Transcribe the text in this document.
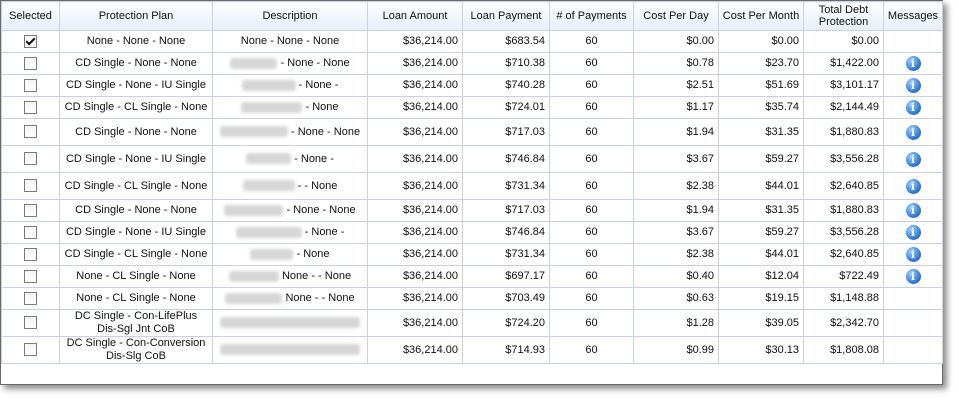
Selected	Protection Plan	Description	Loan Amount	Loan Payment	# of Payments	Cost Per Day	Cost Per Month	Total Debt Protection	Messages
	None - None - None	None - None - None	$36,214.00	$683.54	60	$0.00	$0.00	$0.00	
	CD Single - None - None	- None - None	$36,214.00	$710.38	60	$0.78	$23.70	$1,422.00	i
	CD Single - None - IU Single	- None -	$36,214.00	$740.28	60	$2.51	$51.69	$3,101.17	i
	CD Single - CL Single - None	- None	$36,214.00	$724.01	60	$1.17	$35.74	$2,144.49	i
	CD Single - None - None	- None - None	$36,214.00	$717.03	60	$1.94	$31.35	$1,880.83	i
	CD Single - None - IU Single	- None -	$36,214.00	$746.84	60	$3.67	$59.27	$3,556.28	i
	CD Single - CL Single - None	- - None	$36,214.00	$731.34	60	$2.38	$44.01	$2,640.85	i
	CD Single - None - None	- None - None	$36,214.00	$717.03	60	$1.94	$31.35	$1,880.83	i
	CD Single - None - IU Single	- None -	$36,214.00	$746.84	60	$3.67	$59.27	$3,556.28	i
	CD Single - CL Single - None	- None	$36,214.00	$731.34	60	$2.38	$44.01	$2,640.85	i
	None - CL Single - None	None - - None	$36,214.00	$697.17	60	$0.40	$12.04	$722.49	i
	None - CL Single - None	None - - None	$36,214.00	$703.49	60	$0.63	$19.15	$1,148.88	
	DC Single - Con-LifePlus Dis-Sgl Jnt CoB		$36,214.00	$724.20	60	$1.28	$39.05	$2,342.70	
	DC Single - Con-Conversion Dis-Slg CoB		$36,214.00	$714.93	60	$0.99	$30.13	$1,808.08	
